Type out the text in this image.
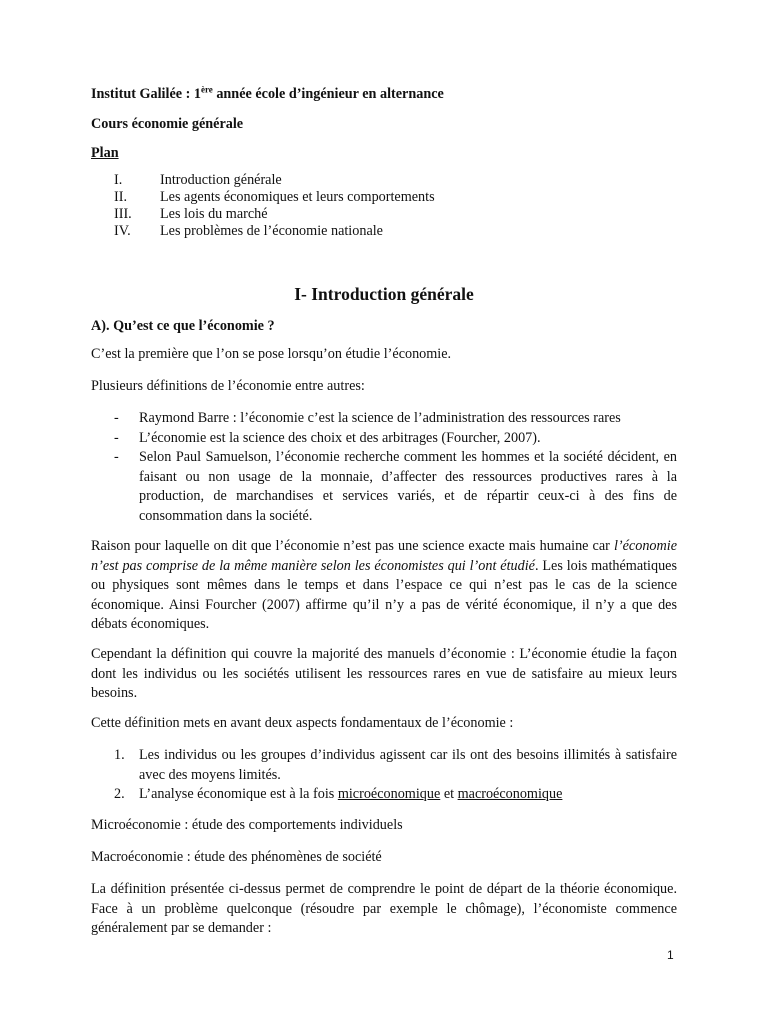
Institut Galilée : 1ère année école d’ingénieur en alternance

Cours économie générale

Plan

I.	Introduction générale
II. Les agents économiques et leurs comportements
III. Les lois du marché
IV. Les problèmes de l’économie nationale

I- Introduction générale

A). Qu’est ce que l’économie ?

C’est la première que l’on se pose lorsqu’on étudie l’économie.

Plusieurs définitions de l’économie entre autres:

- Raymond Barre : l’économie c’est la science de l’administration des ressources rares
- L’économie est la science des choix et des arbitrages (Fourcher, 2007).
- Selon Paul Samuelson, l’économie recherche comment les hommes et la société décident, en faisant ou non usage de la monnaie, d’affecter des ressources productives rares à la production, de marchandises et services variés, et de répartir ceux-ci à des fins de consommation dans la société.

Raison pour laquelle on dit que l’économie n’est pas une science exacte mais humaine car l’économie n’est pas comprise de la même manière selon les économistes qui l’ont étudié. Les lois mathématiques ou physiques sont mêmes dans le temps et dans l’espace ce qui n’est pas le cas de la science économique. Ainsi Fourcher (2007) affirme qu’il n’y a pas de vérité économique, il n’y a que des débats économiques.

Cependant la définition qui couvre la majorité des manuels d’économie : L’économie étudie la façon dont les individus ou les sociétés utilisent les ressources rares en vue de satisfaire au mieux leurs besoins.

Cette définition mets en avant deux aspects fondamentaux de l’économie :

1. Les individus ou les groupes d’individus agissent car ils ont des besoins illimités à satisfaire avec des moyens limités.
2. L’analyse économique est à la fois microéconomique et macroéconomique

Microéconomie : étude des comportements individuels

Macroéconomie : étude des phénomènes de société

La définition présentée ci-dessus permet de comprendre le point de départ de la théorie économique. Face à un problème quelconque (résoudre par exemple le chômage), l’économiste commence généralement par se demander :

1
